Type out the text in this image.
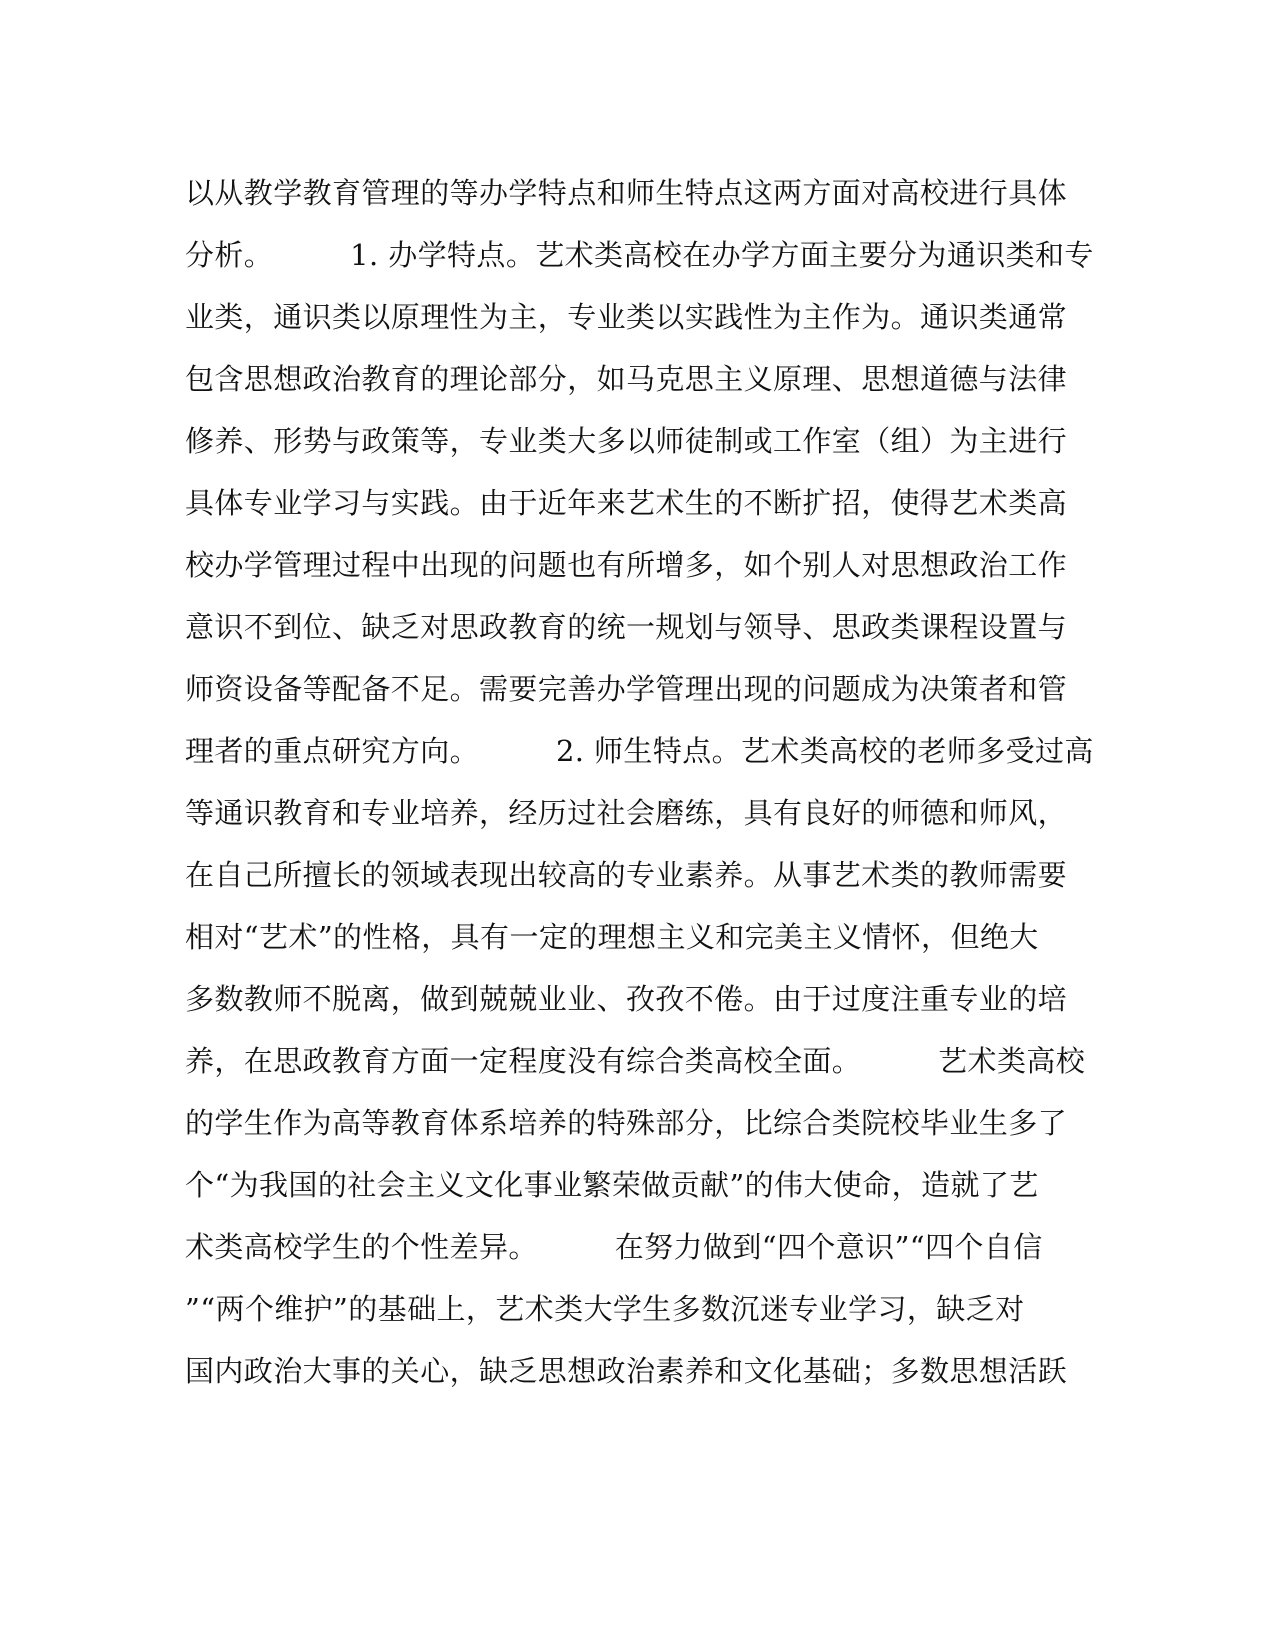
以从教学教育管理的等办学特点和师生特点这两方面对高校进行具体
分析。        1. 办学特点。艺术类高校在办学方面主要分为通识类和专
业类，通识类以原理性为主，专业类以实践性为主作为。通识类通常
包含思想政治教育的理论部分，如马克思主义原理、思想道德与法律
修养、形势与政策等，专业类大多以师徒制或工作室（组）为主进行
具体专业学习与实践。由于近年来艺术生的不断扩招，使得艺术类高
校办学管理过程中出现的问题也有所增多，如个别人对思想政治工作
意识不到位、缺乏对思政教育的统一规划与领导、思政类课程设置与
师资设备等配备不足。需要完善办学管理出现的问题成为决策者和管
理者的重点研究方向。        2. 师生特点。艺术类高校的老师多受过高
等通识教育和专业培养，经历过社会磨练，具有良好的师德和师风，
在自己所擅长的领域表现出较高的专业素养。从事艺术类的教师需要
相对“艺术”的性格，具有一定的理想主义和完美主义情怀，但绝大
多数教师不脱离，做到兢兢业业、孜孜不倦。由于过度注重专业的培
养，在思政教育方面一定程度没有综合类高校全面。        艺术类高校
的学生作为高等教育体系培养的特殊部分，比综合类院校毕业生多了
个“为我国的社会主义文化事业繁荣做贡献”的伟大使命，造就了艺
术类高校学生的个性差异。        在努力做到“四个意识”“四个自信
”“两个维护”的基础上，艺术类大学生多数沉迷专业学习，缺乏对
国内政治大事的关心，缺乏思想政治素养和文化基础；多数思想活跃
